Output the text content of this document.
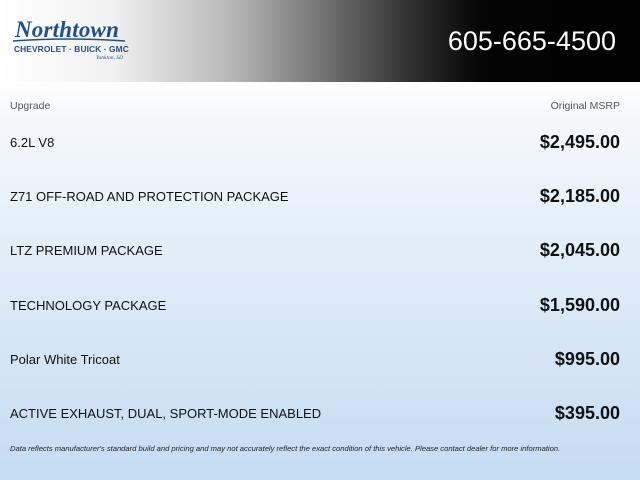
Northtown
CHEVROLET · BUICK · GMC
Yankton, SD
605-665-4500
Upgrade	Original MSRP
6.2L V8	$2,495.00
Z71 OFF-ROAD AND PROTECTION PACKAGE	$2,185.00
LTZ PREMIUM PACKAGE	$2,045.00
TECHNOLOGY PACKAGE	$1,590.00
Polar White Tricoat	$995.00
ACTIVE EXHAUST, DUAL, SPORT-MODE ENABLED	$395.00
Data reflects manufacturer's standard build and pricing and may not accurately reflect the exact condition of this vehicle. Please contact dealer for more information.
